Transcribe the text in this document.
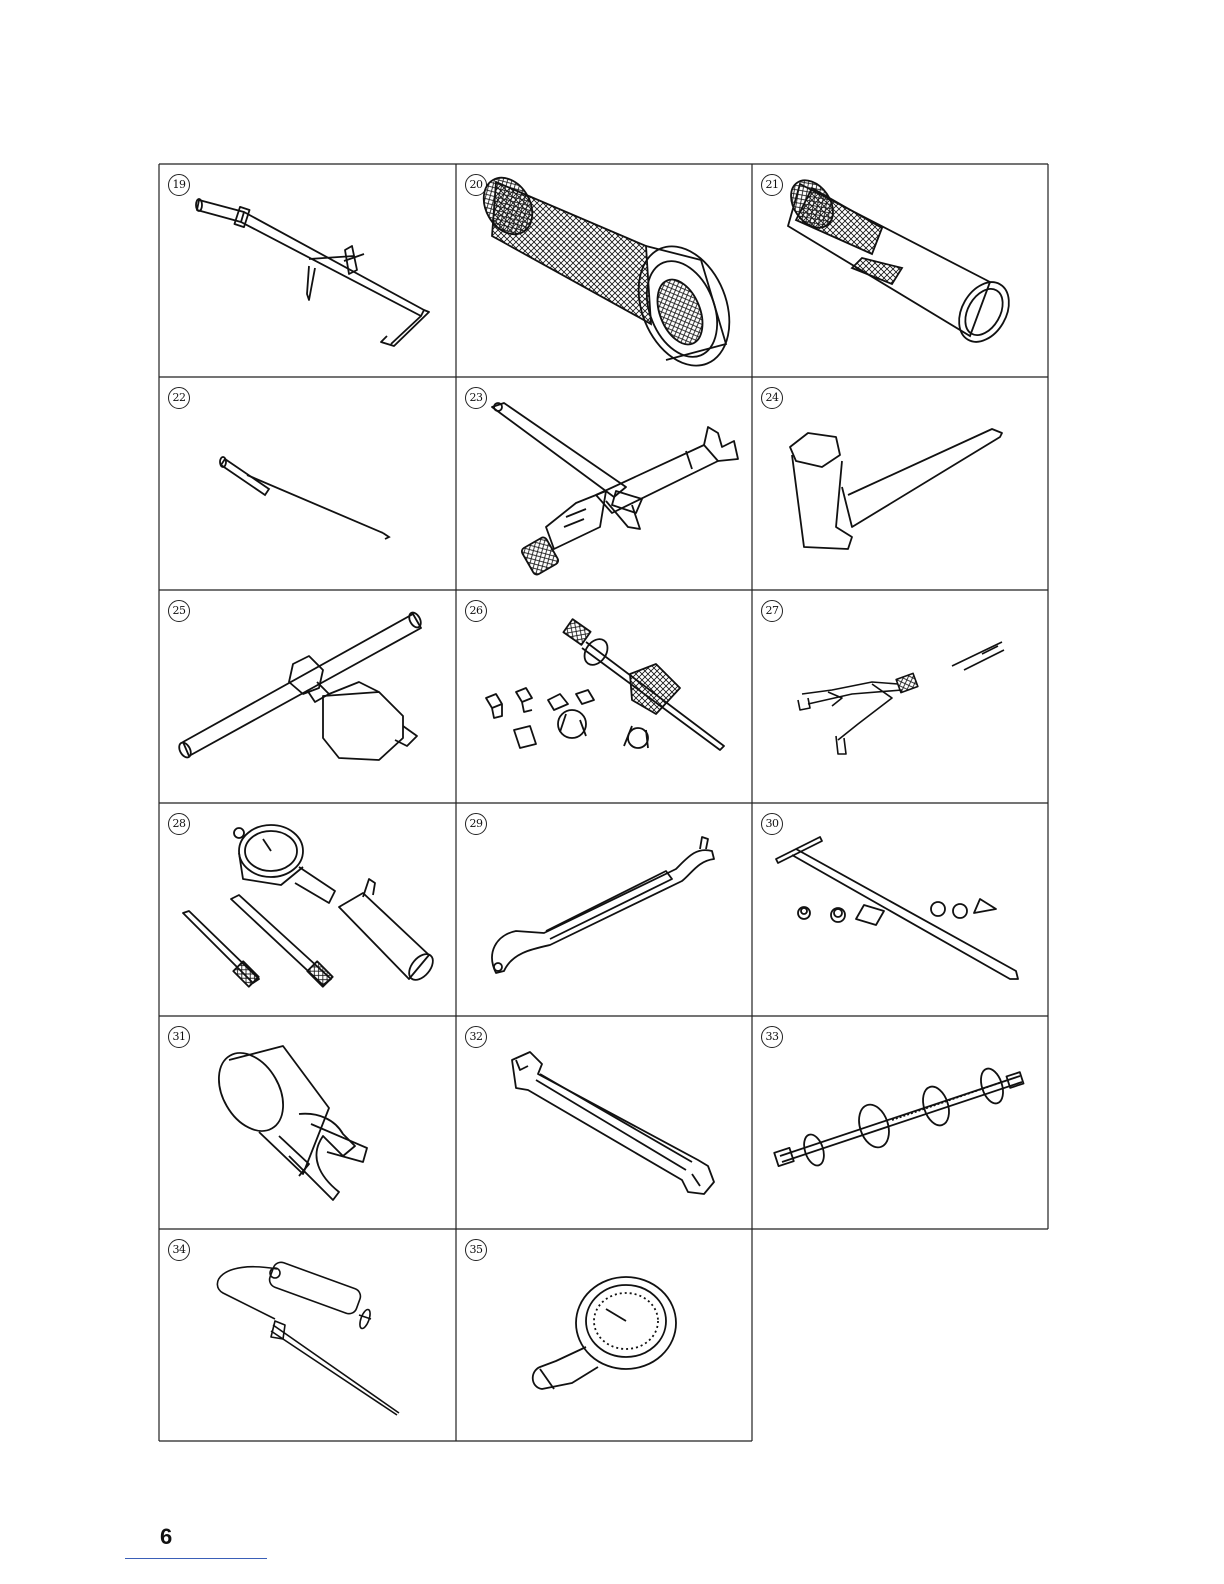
19	20	21
22	23	24
25	26	27
28	29	30
31	32	33
34	35
6
